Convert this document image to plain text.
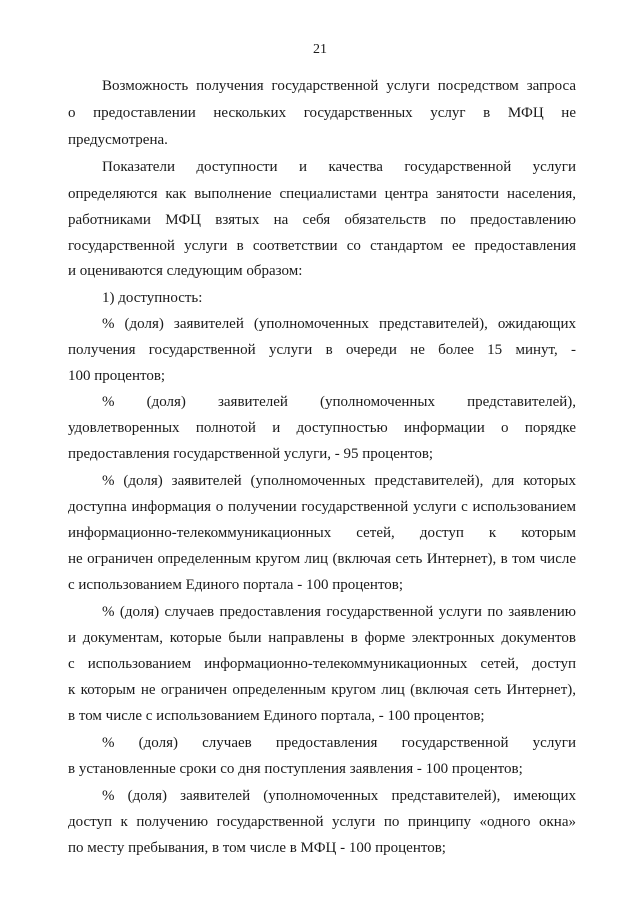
21
Возможность получения государственной услуги посредством запроса
о предоставлении нескольких государственных услуг в МФЦ не
предусмотрена.
Показатели доступности и качества государственной услуги
определяются как выполнение специалистами центра занятости населения,
работниками МФЦ взятых на себя обязательств по предоставлению
государственной услуги в соответствии со стандартом ее предоставления
и оцениваются следующим образом:
1) доступность:
% (доля) заявителей (уполномоченных представителей), ожидающих
получения государственной услуги в очереди не более 15 минут, -
100 процентов;
% (доля) заявителей (уполномоченных представителей),
удовлетворенных полнотой и доступностью информации о порядке
предоставления государственной услуги, - 95 процентов;
% (доля) заявителей (уполномоченных представителей), для которых
доступна информация о получении государственной услуги с использованием
информационно-телекоммуникационных сетей, доступ к которым
не ограничен определенным кругом лиц (включая сеть Интернет), в том числе
с использованием Единого портала - 100 процентов;
% (доля) случаев предоставления государственной услуги по заявлению
и документам, которые были направлены в форме электронных документов
с использованием информационно-телекоммуникационных сетей, доступ
к которым не ограничен определенным кругом лиц (включая сеть Интернет),
в том числе с использованием Единого портала, - 100 процентов;
% (доля) случаев предоставления государственной услуги
в установленные сроки со дня поступления заявления - 100 процентов;
% (доля) заявителей (уполномоченных представителей), имеющих
доступ к получению государственной услуги по принципу «одного окна»
по месту пребывания, в том числе в МФЦ - 100 процентов;
